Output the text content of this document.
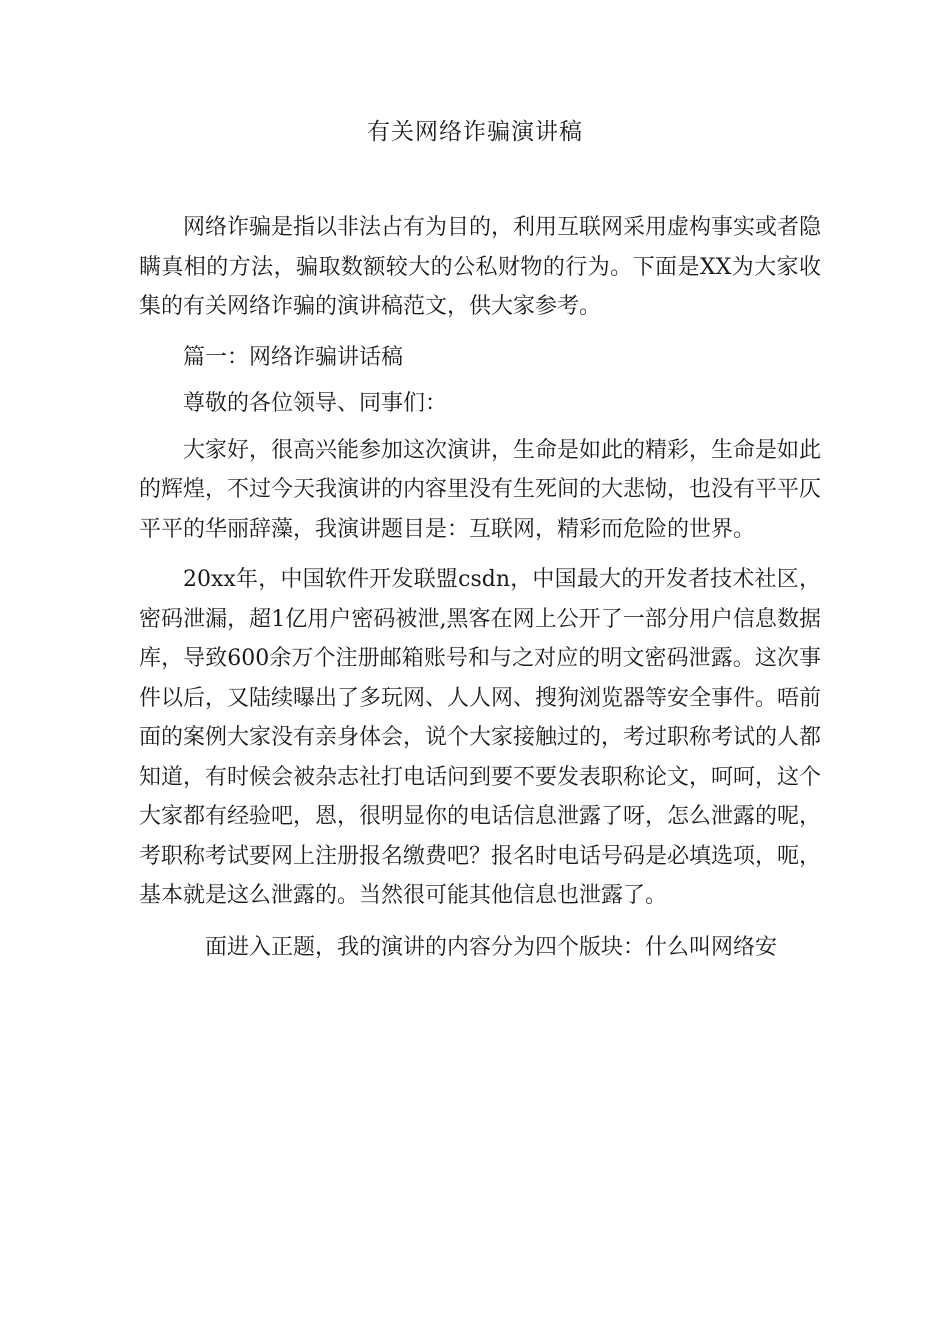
有关网络诈骗演讲稿

网络诈骗是指以非法占有为目的，利用互联网采用虚构事实或者隐瞒真相的方法，骗取数额较大的公私财物的行为。下面是XX为大家收集的有关网络诈骗的演讲稿范文，供大家参考。

篇一：网络诈骗讲话稿

尊敬的各位领导、同事们：

大家好，很高兴能参加这次演讲，生命是如此的精彩，生命是如此的辉煌，不过今天我演讲的内容里没有生死间的大悲恸，也没有平平仄平平的华丽辞藻，我演讲题目是：互联网，精彩而危险的世界。

20xx年，中国软件开发联盟csdn，中国最大的开发者技术社区，密码泄漏，超1亿用户密码被泄,黑客在网上公开了一部分用户信息数据库，导致600余万个注册邮箱账号和与之对应的明文密码泄露。这次事件以后，又陆续曝出了多玩网、人人网、搜狗浏览器等安全事件。唔前面的案例大家没有亲身体会，说个大家接触过的，考过职称考试的人都知道，有时候会被杂志社打电话问到要不要发表职称论文，呵呵，这个大家都有经验吧，恩，很明显你的电话信息泄露了呀，怎么泄露的呢，考职称考试要网上注册报名缴费吧？报名时电话号码是必填选项，呃，基本就是这么泄露的。当然很可能其他信息也泄露了。

面进入正题，我的演讲的内容分为四个版块：什么叫网络安
